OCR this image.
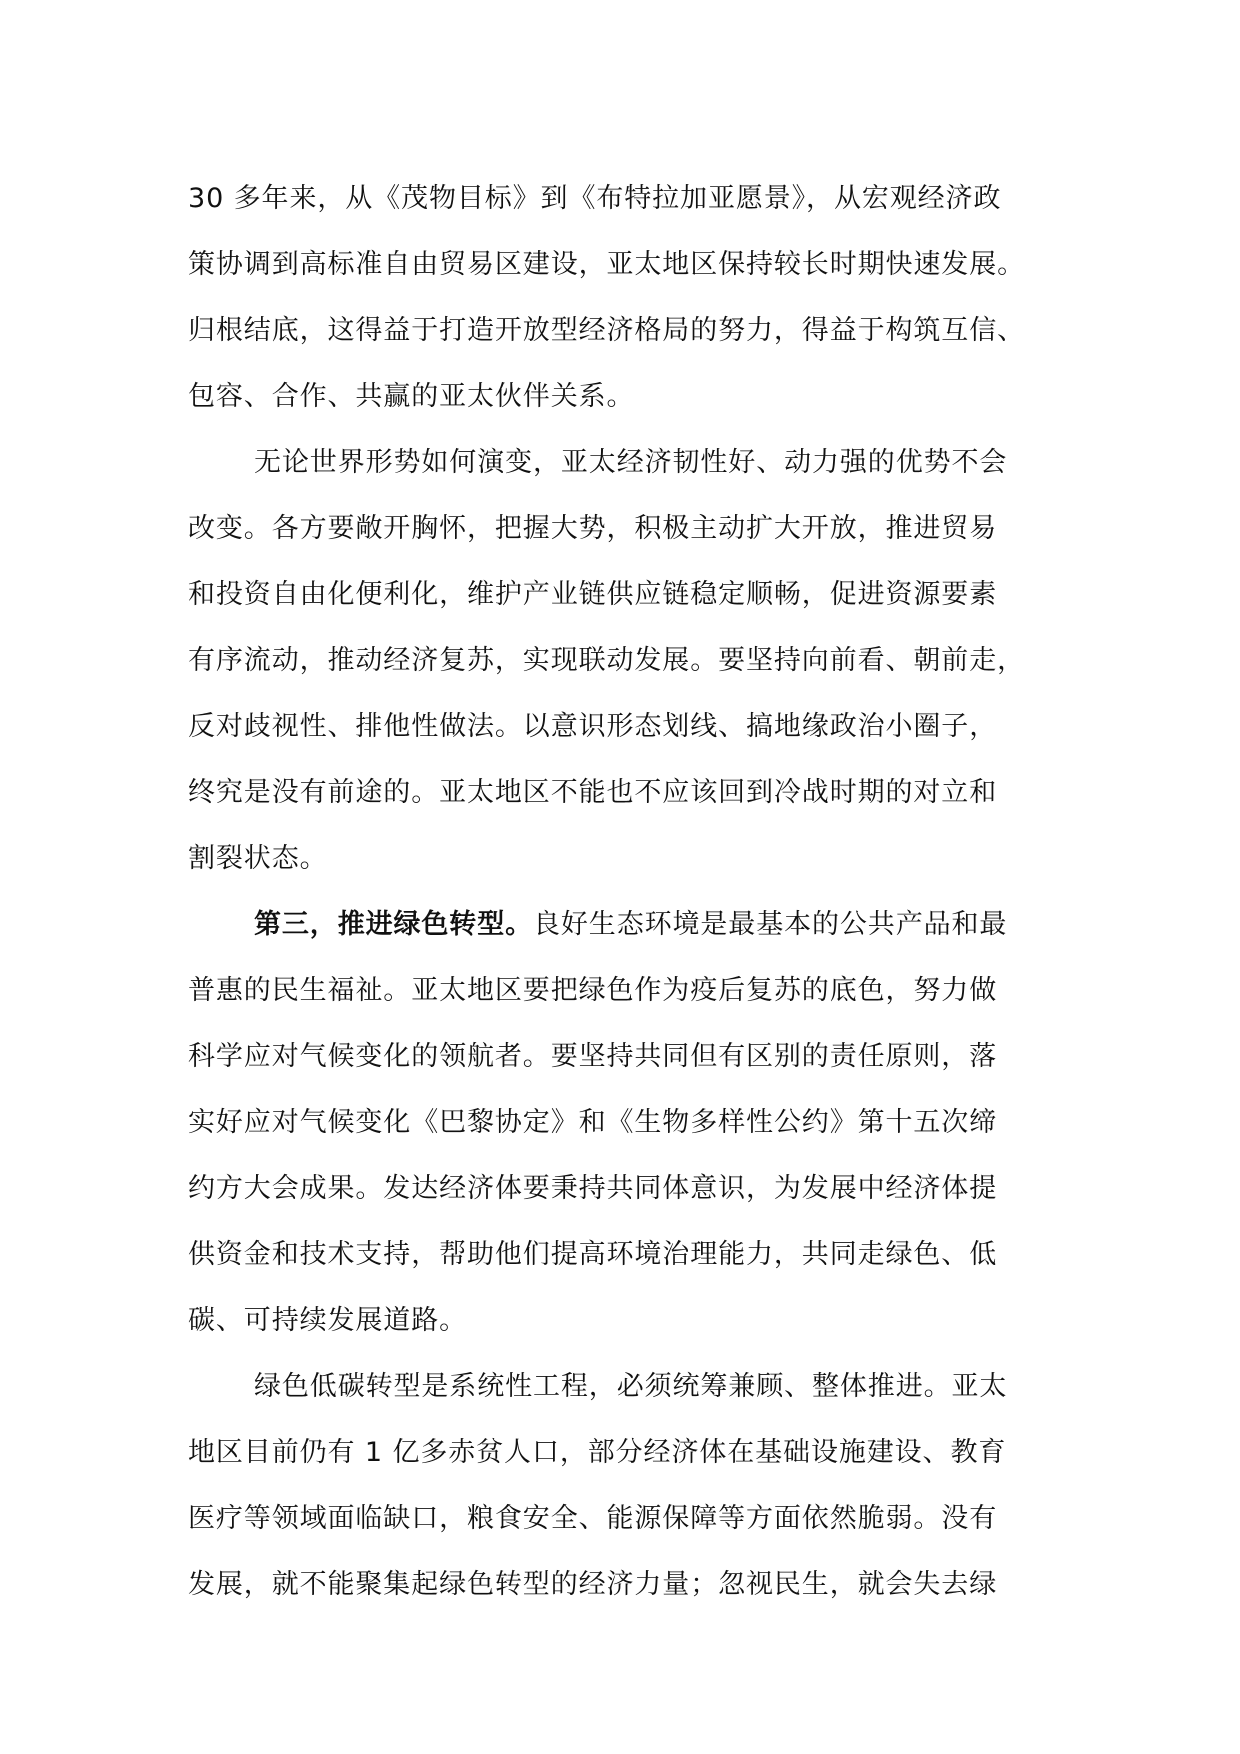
30 多年来，从《茂物目标》到《布特拉加亚愿景》，从宏观经济政
策协调到高标准自由贸易区建设，亚太地区保持较长时期快速发展。
归根结底，这得益于打造开放型经济格局的努力，得益于构筑互信、
包容、合作、共赢的亚太伙伴关系。
无论世界形势如何演变，亚太经济韧性好、动力强的优势不会
改变。各方要敞开胸怀，把握大势，积极主动扩大开放，推进贸易
和投资自由化便利化，维护产业链供应链稳定顺畅，促进资源要素
有序流动，推动经济复苏，实现联动发展。要坚持向前看、朝前走，
反对歧视性、排他性做法。以意识形态划线、搞地缘政治小圈子，
终究是没有前途的。亚太地区不能也不应该回到冷战时期的对立和
割裂状态。
第三，推进绿色转型。良好生态环境是最基本的公共产品和最
普惠的民生福祉。亚太地区要把绿色作为疫后复苏的底色，努力做
科学应对气候变化的领航者。要坚持共同但有区别的责任原则，落
实好应对气候变化《巴黎协定》和《生物多样性公约》第十五次缔
约方大会成果。发达经济体要秉持共同体意识，为发展中经济体提
供资金和技术支持，帮助他们提高环境治理能力，共同走绿色、低
碳、可持续发展道路。
绿色低碳转型是系统性工程，必须统筹兼顾、整体推进。亚太
地区目前仍有 1 亿多赤贫人口，部分经济体在基础设施建设、教育
医疗等领域面临缺口，粮食安全、能源保障等方面依然脆弱。没有
发展，就不能聚集起绿色转型的经济力量；忽视民生，就会失去绿
